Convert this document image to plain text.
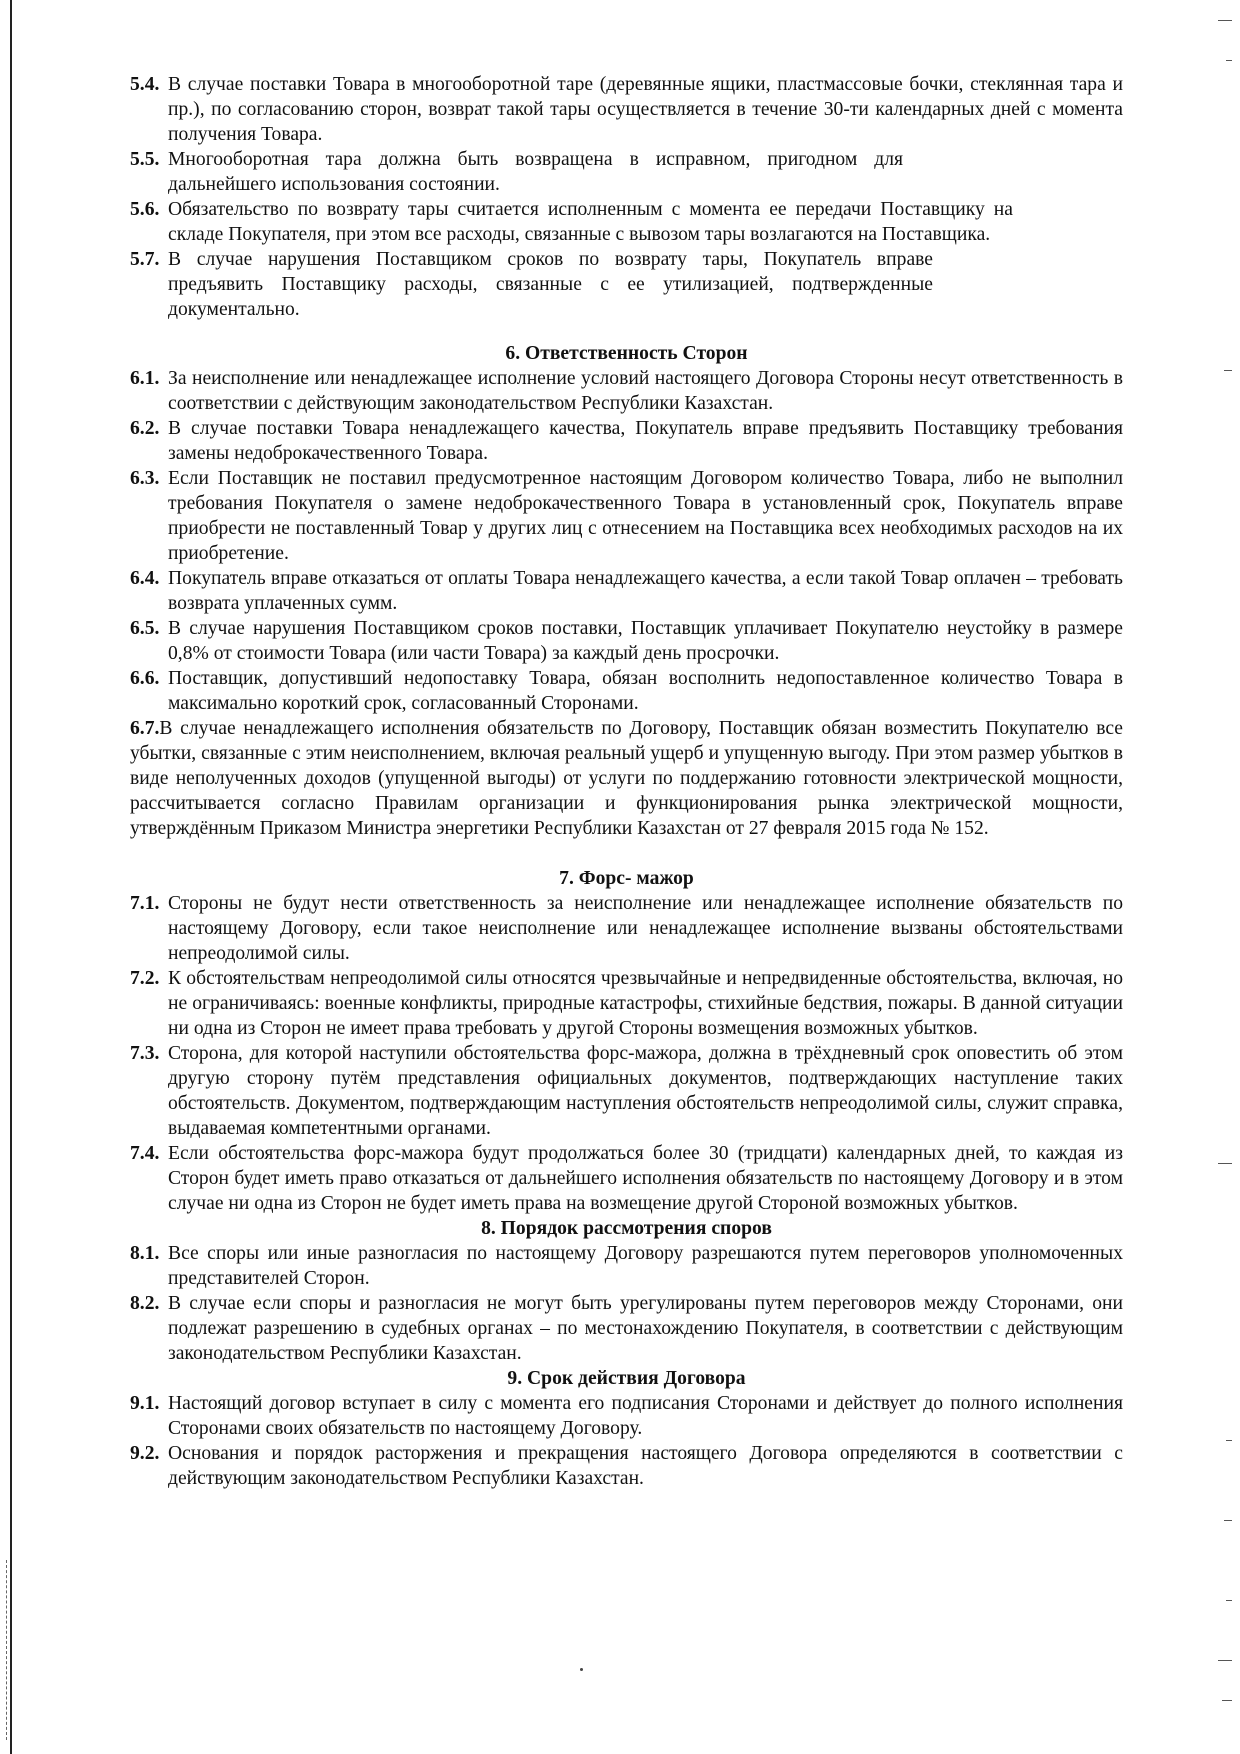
5.4. В случае поставки Товара в многооборотной таре (деревянные ящики, пластмассовые бочки, стеклянная тара и пр.), по согласованию сторон, возврат такой тары осуществляется в течение 30-ти календарных дней с момента получения Товара.
5.5. Многооборотная тара должна быть возвращена в исправном, пригодном для дальнейшего использования состоянии.
5.6. Обязательство по возврату тары считается исполненным с момента ее передачи Поставщику на складе Покупателя, при этом все расходы, связанные с вывозом тары возлагаются на Поставщика.
5.7. В случае нарушения Поставщиком сроков по возврату тары, Покупатель вправе предъявить Поставщику расходы, связанные с ее утилизацией, подтвержденные документально.
6. Ответственность Сторон
6.1. За неисполнение или ненадлежащее исполнение условий настоящего Договора Стороны несут ответственность в соответствии с действующим законодательством Республики Казахстан.
6.2. В случае поставки Товара ненадлежащего качества, Покупатель вправе предъявить Поставщику требования замены недоброкачественного Товара.
6.3. Если Поставщик не поставил предусмотренное настоящим Договором количество Товара, либо не выполнил требования Покупателя о замене недоброкачественного Товара в установленный срок, Покупатель вправе приобрести не поставленный Товар у других лиц с отнесением на Поставщика всех необходимых расходов на их приобретение.
6.4. Покупатель вправе отказаться от оплаты Товара ненадлежащего качества, а если такой Товар оплачен – требовать возврата уплаченных сумм.
6.5. В случае нарушения Поставщиком сроков поставки, Поставщик уплачивает Покупателю неустойку в размере 0,8% от стоимости Товара (или части Товара) за каждый день просрочки.
6.6. Поставщик, допустивший недопоставку Товара, обязан восполнить недопоставленное количество Товара в максимально короткий срок, согласованный Сторонами.
6.7.В случае ненадлежащего исполнения обязательств по Договору, Поставщик обязан возместить Покупателю все убытки, связанные с этим неисполнением, включая реальный ущерб и упущенную выгоду. При этом размер убытков в виде неполученных доходов (упущенной выгоды) от услуги по поддержанию готовности электрической мощности, рассчитывается согласно Правилам организации и функционирования рынка электрической мощности, утверждённым Приказом Министра энергетики Республики Казахстан от 27 февраля 2015 года № 152.
7. Форс- мажор
7.1. Стороны не будут нести ответственность за неисполнение или ненадлежащее исполнение обязательств по настоящему Договору, если такое неисполнение или ненадлежащее исполнение вызваны обстоятельствами непреодолимой силы.
7.2. К обстоятельствам непреодолимой силы относятся чрезвычайные и непредвиденные обстоятельства, включая, но не ограничиваясь: военные конфликты, природные катастрофы, стихийные бедствия, пожары. В данной ситуации ни одна из Сторон не имеет права требовать у другой Стороны возмещения возможных убытков.
7.3. Сторона, для которой наступили обстоятельства форс-мажора, должна в трёхдневный срок оповестить об этом другую сторону путём представления официальных документов, подтверждающих наступление таких обстоятельств. Документом, подтверждающим наступления обстоятельств непреодолимой силы, служит справка, выдаваемая компетентными органами.
7.4. Если обстоятельства форс-мажора будут продолжаться более 30 (тридцати) календарных дней, то каждая из Сторон будет иметь право отказаться от дальнейшего исполнения обязательств по настоящему Договору и в этом случае ни одна из Сторон не будет иметь права на возмещение другой Стороной возможных убытков.
8. Порядок рассмотрения споров
8.1. Все споры или иные разногласия по настоящему Договору разрешаются путем переговоров уполномоченных представителей Сторон.
8.2. В случае если споры и разногласия не могут быть урегулированы путем переговоров между Сторонами, они подлежат разрешению в судебных органах – по местонахождению Покупателя, в соответствии с действующим законодательством Республики Казахстан.
9. Срок действия Договора
9.1. Настоящий договор вступает в силу с момента его подписания Сторонами и действует до полного исполнения Сторонами своих обязательств по настоящему Договору.
9.2. Основания и порядок расторжения и прекращения настоящего Договора определяются в соответствии с действующим законодательством Республики Казахстан.
